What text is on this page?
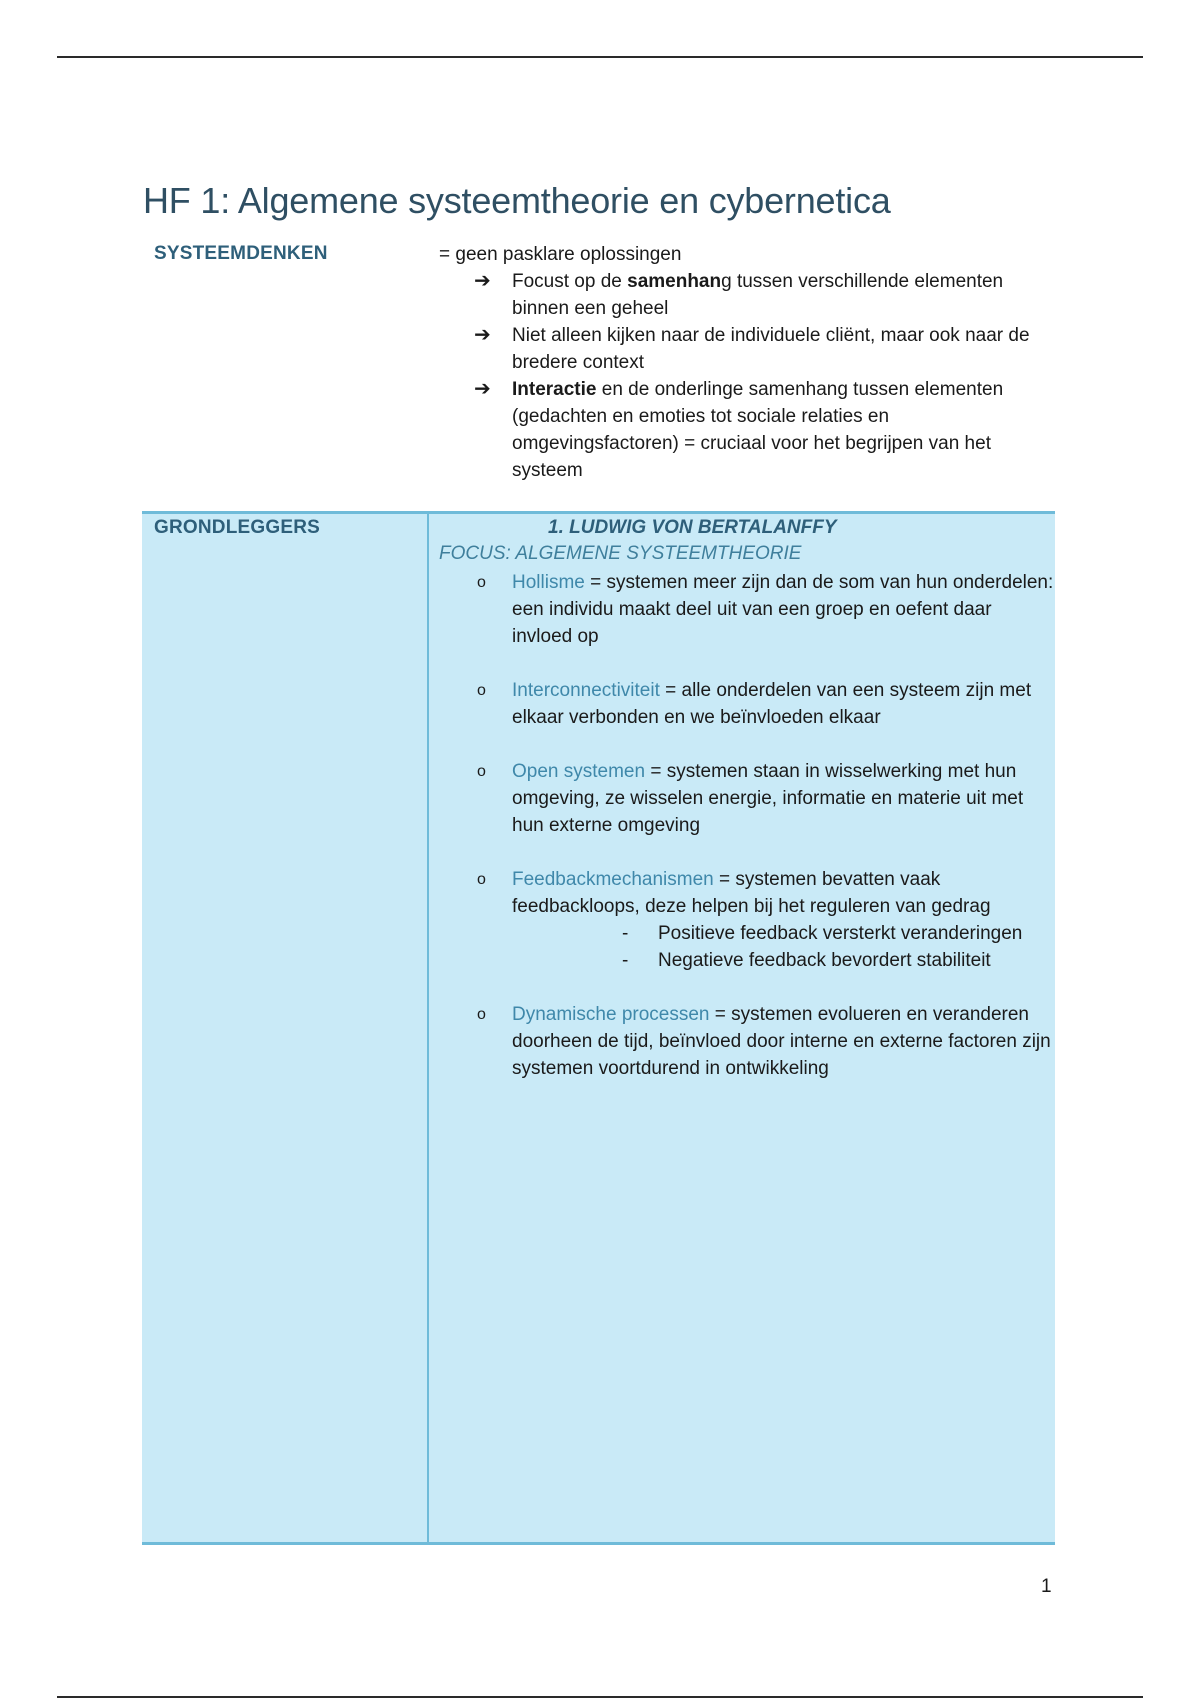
HF 1: Algemene systeemtheorie en cybernetica
SYSTEEMDENKEN	= geen pasklare oplossingen
➔ Focust op de samenhang tussen verschillende elementen binnen een geheel
➔ Niet alleen kijken naar de individuele cliënt, maar ook naar de bredere context
➔ Interactie en de onderlinge samenhang tussen elementen (gedachten en emoties tot sociale relaties en omgevingsfactoren) = cruciaal voor het begrijpen van het systeem
GRONDLEGGERS	1. LUDWIG VON BERTALANFFY
FOCUS: ALGEMENE SYSTEEMTHEORIE
o Hollisme = systemen meer zijn dan de som van hun onderdelen: een individu maakt deel uit van een groep en oefent daar invloed op
o Interconnectiviteit = alle onderdelen van een systeem zijn met elkaar verbonden en we beïnvloeden elkaar
o Open systemen = systemen staan in wisselwerking met hun omgeving, ze wisselen energie, informatie en materie uit met hun externe omgeving
o Feedbackmechanismen = systemen bevatten vaak feedbackloops, deze helpen bij het reguleren van gedrag
- Positieve feedback versterkt veranderingen
- Negatieve feedback bevordert stabiliteit
o Dynamische processen = systemen evolueren en veranderen doorheen de tijd, beïnvloed door interne en externe factoren zijn systemen voortdurend in ontwikkeling
1
